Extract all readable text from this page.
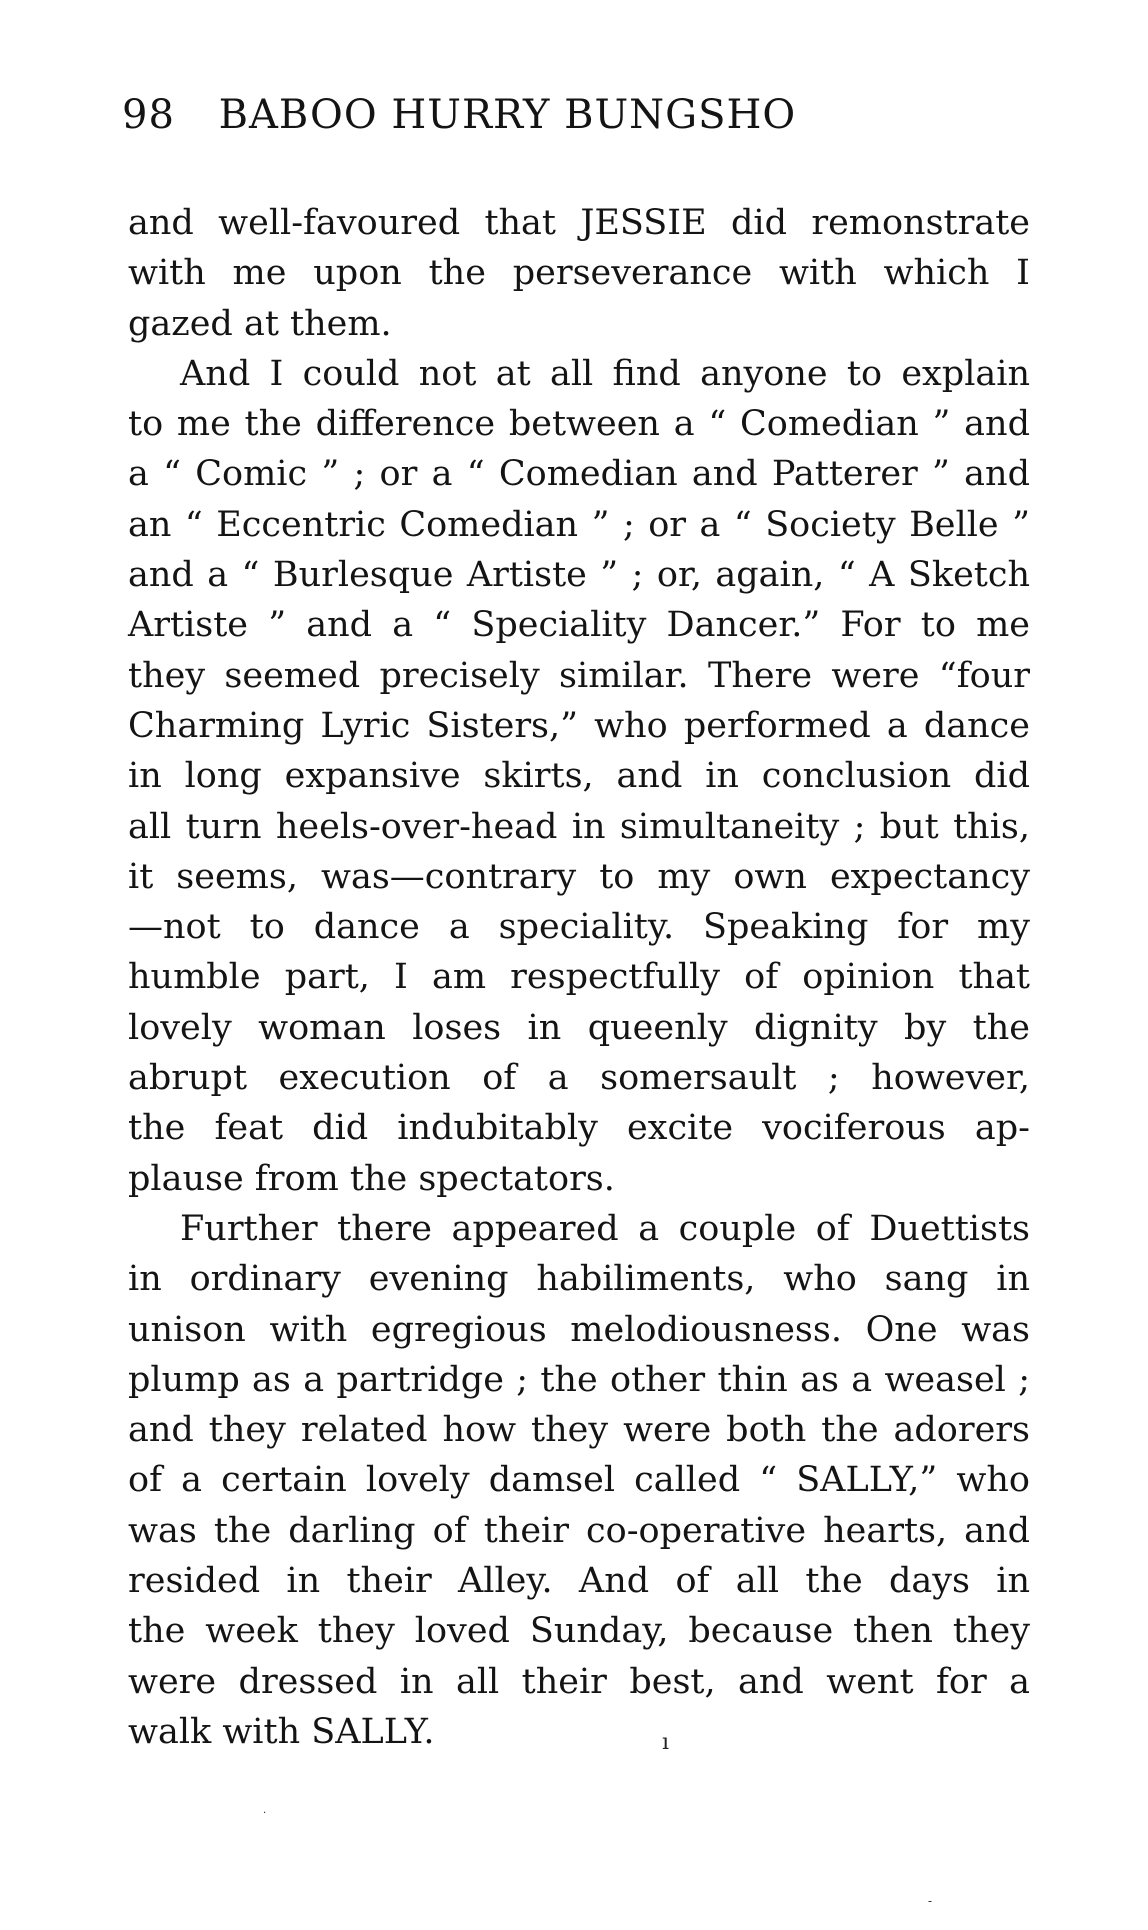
98 BABOO HURRY BUNGSHO
and well-favoured that JESSIE did remonstrate
with me upon the perseverance with which I
gazed at them.
And I could not at all find anyone to explain
to me the difference between a “ Comedian ” and
a “ Comic ” ; or a “ Comedian and Patterer ” and
an “ Eccentric Comedian ” ; or a “ Society Belle ”
and a “ Burlesque Artiste ” ; or, again, “ A Sketch
Artiste ” and a “ Speciality Dancer.” For to me
they seemed precisely similar. There were “four
Charming Lyric Sisters,” who performed a dance
in long expansive skirts, and in conclusion did
all turn heels-over-head in simultaneity ; but this,
it seems, was—contrary to my own expectancy
—not to dance a speciality. Speaking for my
humble part, I am respectfully of opinion that
lovely woman loses in queenly dignity by the
abrupt execution of a somersault ; however,
the feat did indubitably excite vociferous ap-
plause from the spectators.
Further there appeared a couple of Duettists
in ordinary evening habiliments, who sang in
unison with egregious melodiousness. One was
plump as a partridge ; the other thin as a weasel ;
and they related how they were both the adorers
of a certain lovely damsel called “ SALLY,” who
was the darling of their co-operative hearts, and
resided in their Alley. And of all the days in
the week they loved Sunday, because then they
were dressed in all their best, and went for a
walk with SALLY.	ı
·
-
